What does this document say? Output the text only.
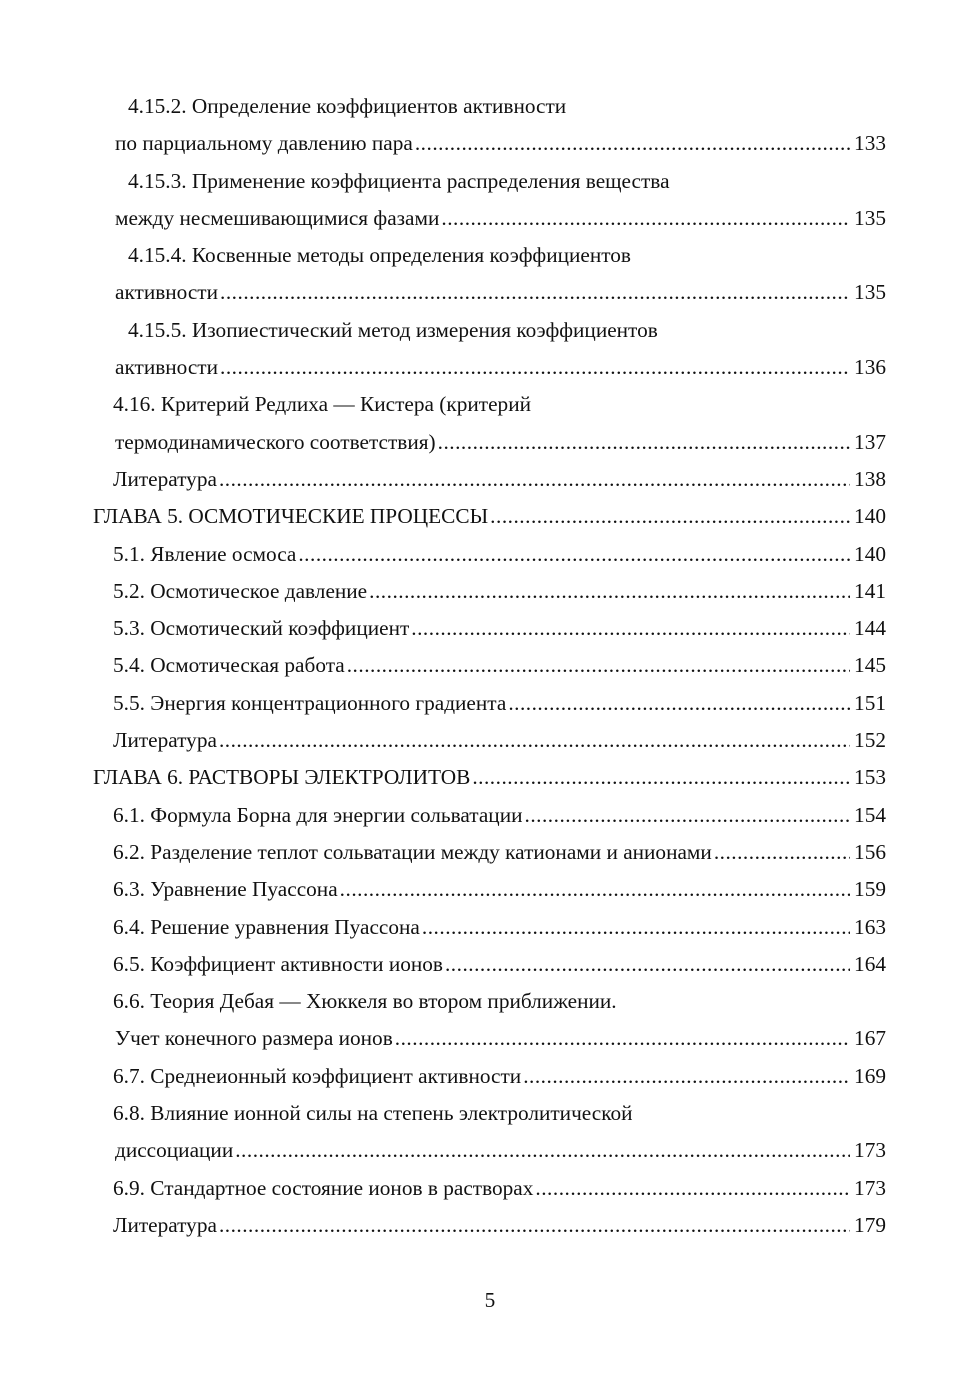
4.15.2. Определение коэффициентов активности
по парциальному давлению пара .....	133
4.15.3. Применение коэффициента распределения вещества
между несмешивающимися фазами .....	135
4.15.4. Косвенные методы определения коэффициентов
активности .....	135
4.15.5. Изопиестический метод измерения коэффициентов
активности .....	136
4.16. Критерий Редлиха — Кистера (критерий
термодинамического соответствия) .....	137
Литература .....	138
ГЛАВА 5. ОСМОТИЧЕСКИЕ ПРОЦЕССЫ .....	140
5.1. Явление осмоса .....	140
5.2. Осмотическое давление .....	141
5.3. Осмотический коэффициент .....	144
5.4. Осмотическая работа .....	145
5.5. Энергия концентрационного градиента .....	151
Литература .....	152
ГЛАВА 6. РАСТВОРЫ ЭЛЕКТРОЛИТОВ .....	153
6.1. Формула Борна для энергии сольватации .....	154
6.2. Разделение теплот сольватации между катионами и анионами .....	156
6.3. Уравнение Пуассона .....	159
6.4. Решение уравнения Пуассона .....	163
6.5. Коэффициент активности ионов .....	164
6.6. Теория Дебая — Хюккеля во втором приближении.
Учет конечного размера ионов .....	167
6.7. Среднеионный коэффициент активности .....	169
6.8. Влияние ионной силы на степень электролитической
диссоциации .....	173
6.9. Стандартное состояние ионов в растворах .....	173
Литература .....	179
5
